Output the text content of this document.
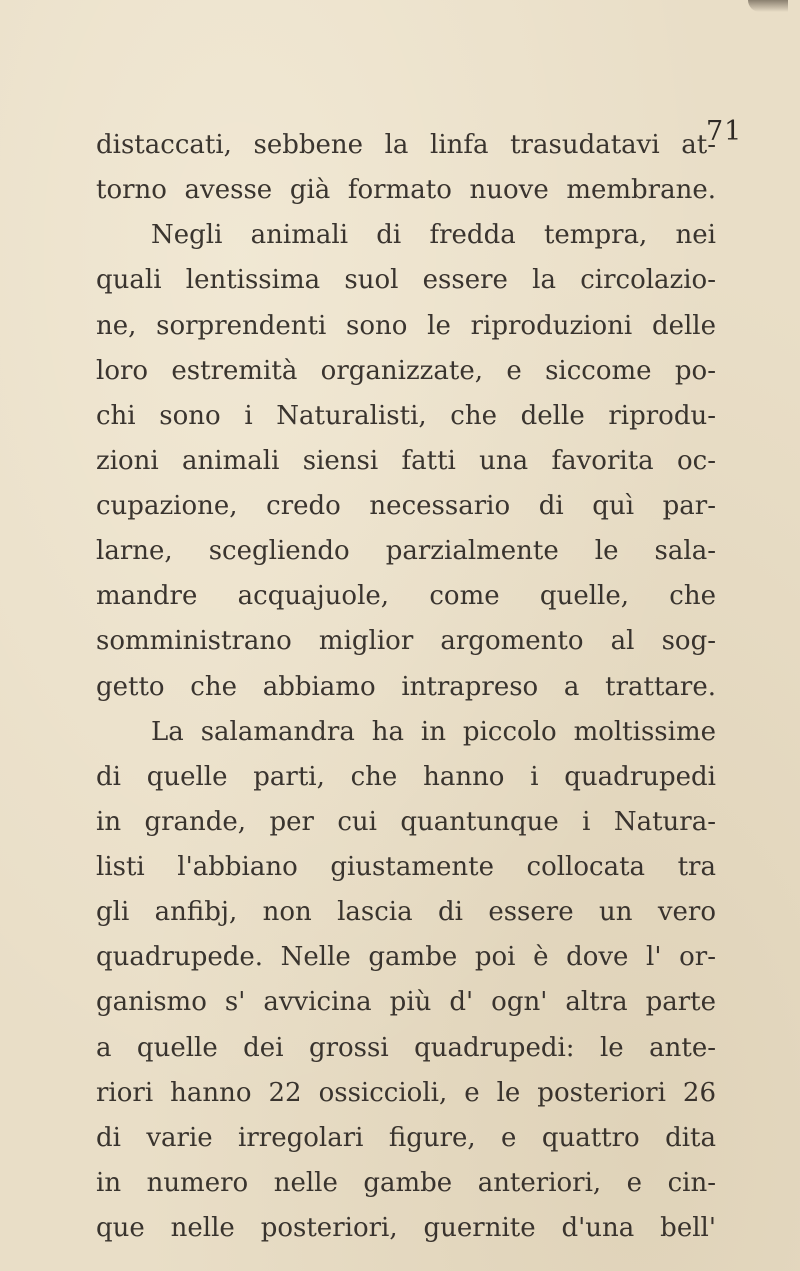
71
distaccati, sebbene la linfa trasudatavi at-
torno avesse già formato nuove membrane.
Negli animali di fredda tempra, nei
quali lentissima suol essere la circolazio-
ne, sorprendenti sono le riproduzioni delle
loro estremità organizzate, e siccome po-
chi sono i Naturalisti, che delle riprodu-
zioni animali siensi fatti una favorita oc-
cupazione, credo necessario di quì par-
larne, scegliendo parzialmente le sala-
mandre acquajuole, come quelle, che
somministrano miglior argomento al sog-
getto che abbiamo intrapreso a trattare.
La salamandra ha in piccolo moltissime
di quelle parti, che hanno i quadrupedi
in grande, per cui quantunque i Natura-
listi l'abbiano giustamente collocata tra
gli anfibj, non lascia di essere un vero
quadrupede. Nelle gambe poi è dove l' or-
ganismo s' avvicina più d' ogn' altra parte
a quelle dei grossi quadrupedi: le ante-
riori hanno 22 ossiccioli, e le posteriori 26
di varie irregolari figure, e quattro dita
in numero nelle gambe anteriori, e cin-
que nelle posteriori, guernite d'una bell'
